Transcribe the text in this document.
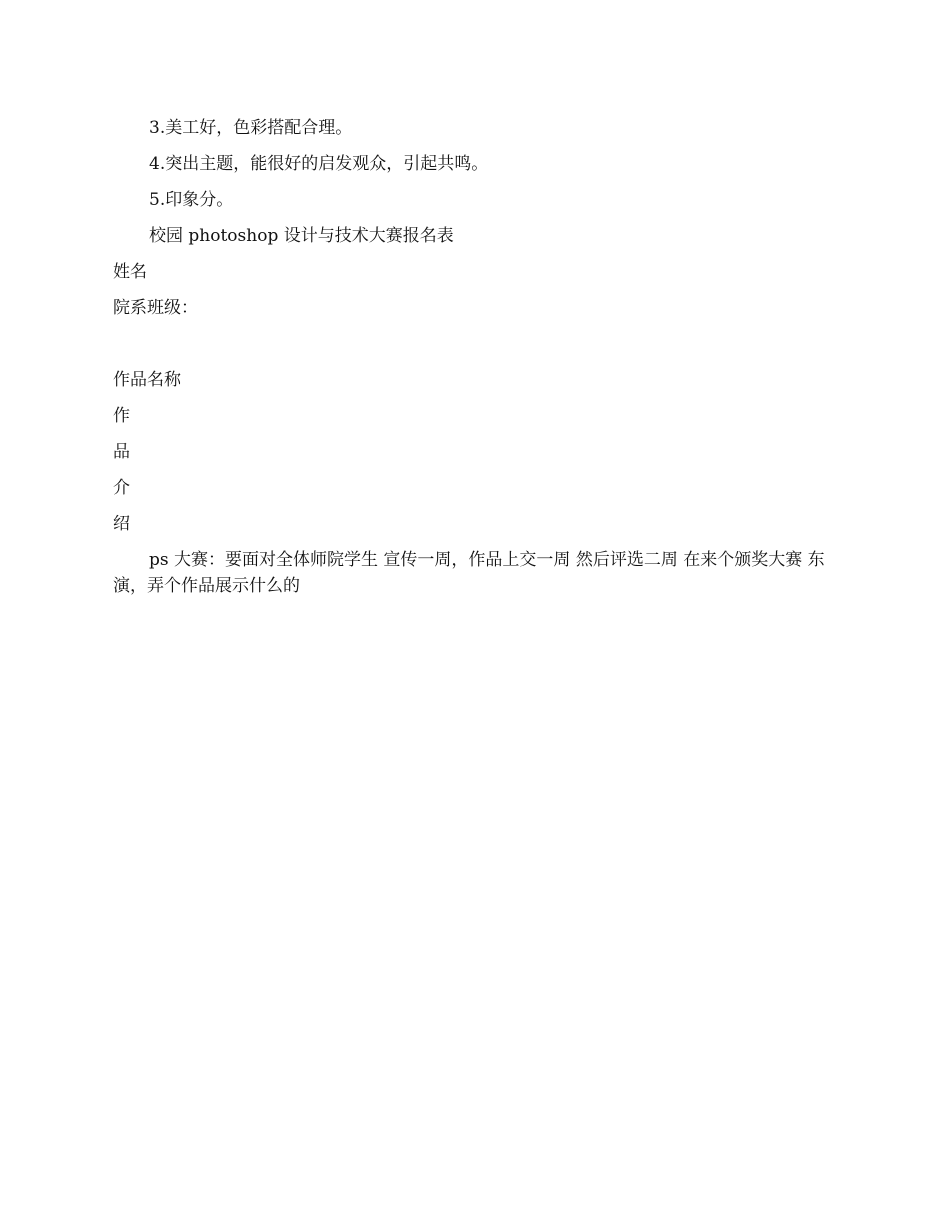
3.美工好，色彩搭配合理。
4.突出主题，能很好的启发观众，引起共鸣。
5.印象分。
校园 photoshop 设计与技术大赛报名表
姓名
院系班级：
作品名称
作
品
介
绍
ps 大赛：要面对全体师院学生 宣传一周，作品上交一周 然后评选二周 在来个颁奖大赛 东演，弄个作品展示什么的
